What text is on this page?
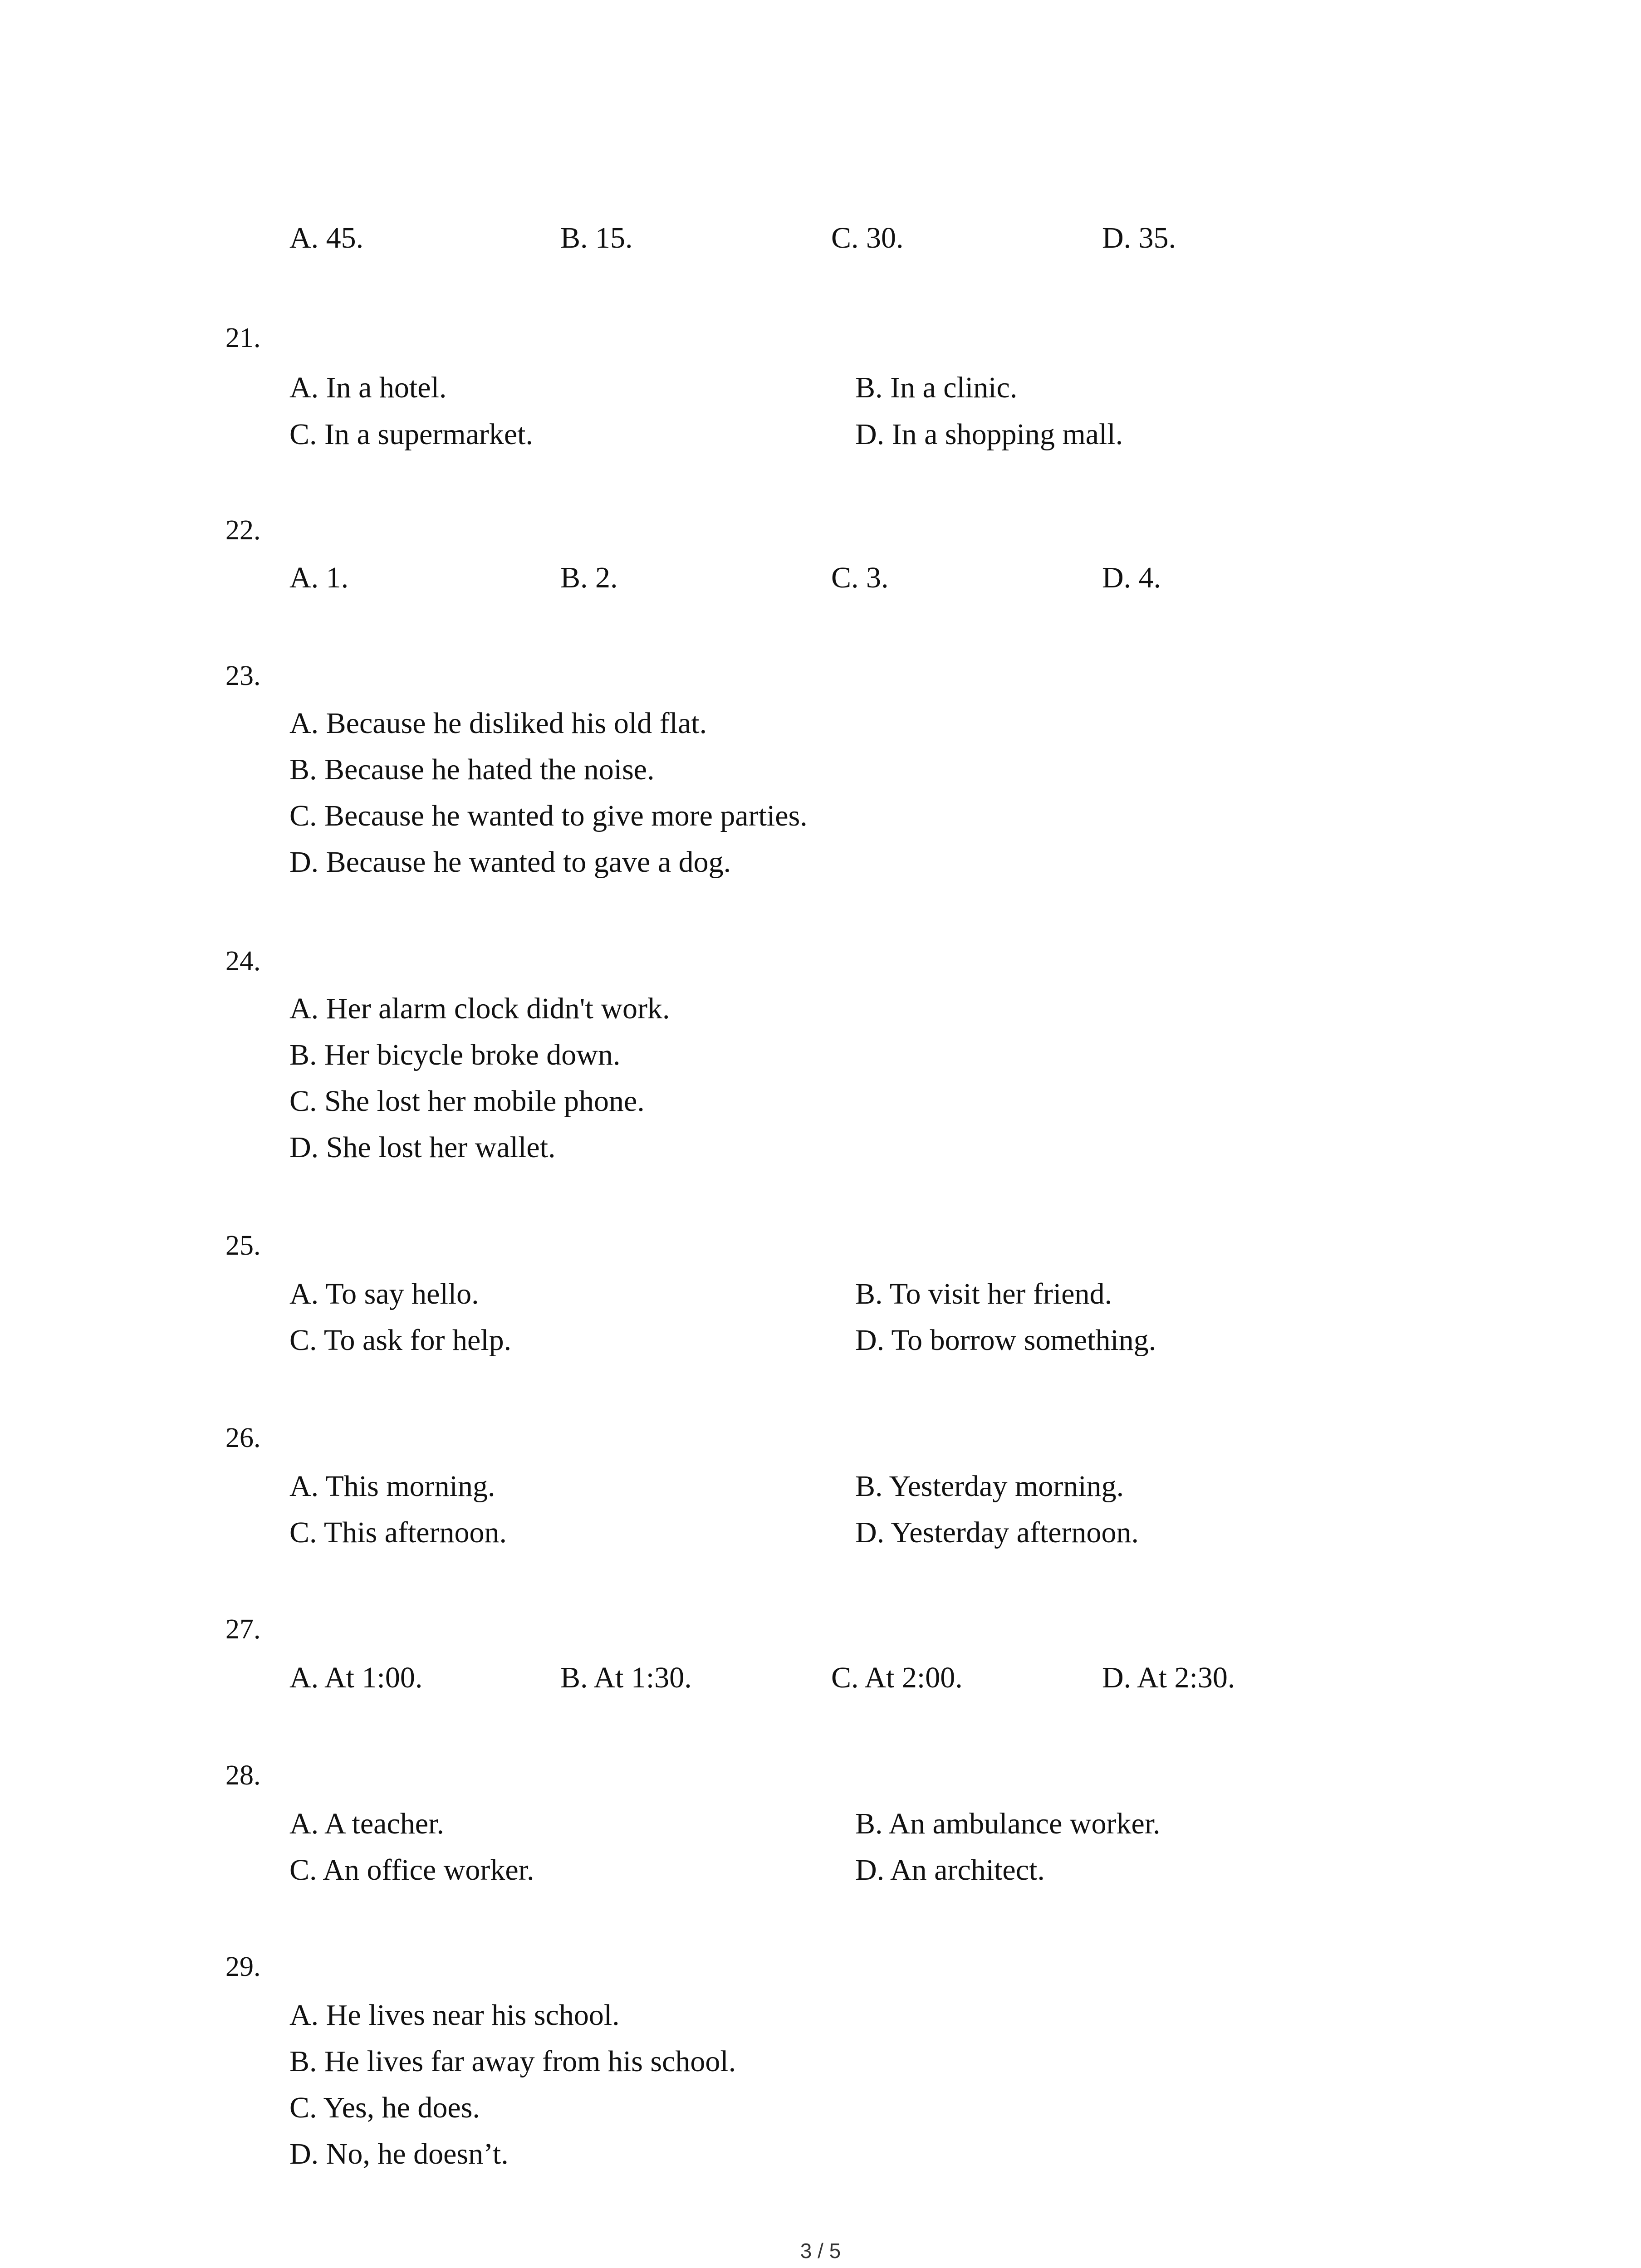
A. 45.	B. 15.	C. 30.	D. 35.
21.
A. In a hotel.	B. In a clinic.
C. In a supermarket.	D. In a shopping mall.
22.
A. 1.	B. 2.	C. 3.	D. 4.
23.
A. Because he disliked his old flat.
B. Because he hated the noise.
C. Because he wanted to give more parties.
D. Because he wanted to gave a dog.
24.
A. Her alarm clock didn't work.
B. Her bicycle broke down.
C. She lost her mobile phone.
D. She lost her wallet.
25.
A. To say hello.	B. To visit her friend.
C. To ask for help.	D. To borrow something.
26.
A. This morning.	B. Yesterday morning.
C. This afternoon.	D. Yesterday afternoon.
27.
A. At 1:00.	B. At 1:30.	C. At 2:00.	D. At 2:30.
28.
A. A teacher.	B. An ambulance worker.
C. An office worker.	D. An architect.
29.
A. He lives near his school.
B. He lives far away from his school.
C. Yes, he does.
D. No, he doesn’t.
3 / 5
